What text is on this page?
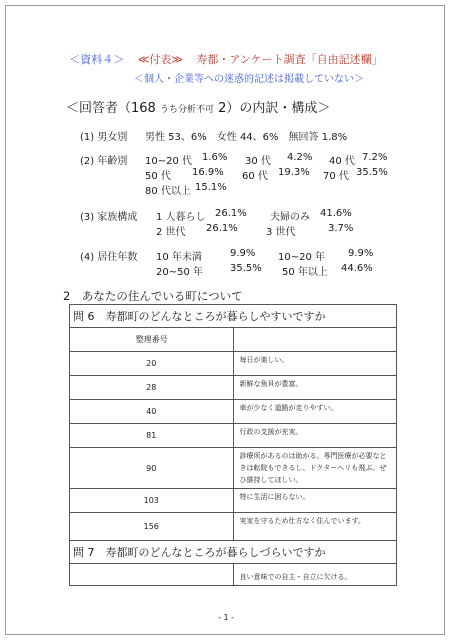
＜資料４＞ ≪付表≫ 寿都・アンケート調査「自由記述欄」
＜個人・企業等への迷惑的記述は掲載していない＞
＜回答者（168 うち分析不可 2）の内訳・構成＞
(1) 男女別 男性 53、6%　女性 44、6%　無回答 1.8%
(2) 年齢別 10~20 代 1.6% 30 代 4.2% 40 代 7.2%
50 代 16.9% 60 代 19.3% 70 代 35.5%
80 代以上 15.1%
(3) 家族構成 1 人暮らし 26.1% 夫婦のみ 41.6%
2 世代 26.1%	3 世代	3.7%
(4) 居住年数 10 年未満	9.9% 10~20 年 9.9%
20~50 年	35.5% 50 年以上 44.6%
2　あなたの住んでいる町について
問 6　寿都町のどんなところが暮らしやすいですか	
整理番号	
20	毎日が楽しい。
28	新鮮な魚貝が豊富。
40	車が少なく道路が走りやすい。
81	行政の支援が充実。
90	診療所があるのは助かる。専門医療が必要なときは転院もできるし、ドクターヘリも飛ぶ。ぜひ維持してほしい。
103	特に生活に困らない。
156	実家を守るため仕方なく住んでいます。
問 7　寿都町のどんなところが暮らしづらいですか	
	良い意味での自主・自立に欠ける。
- 1 -
